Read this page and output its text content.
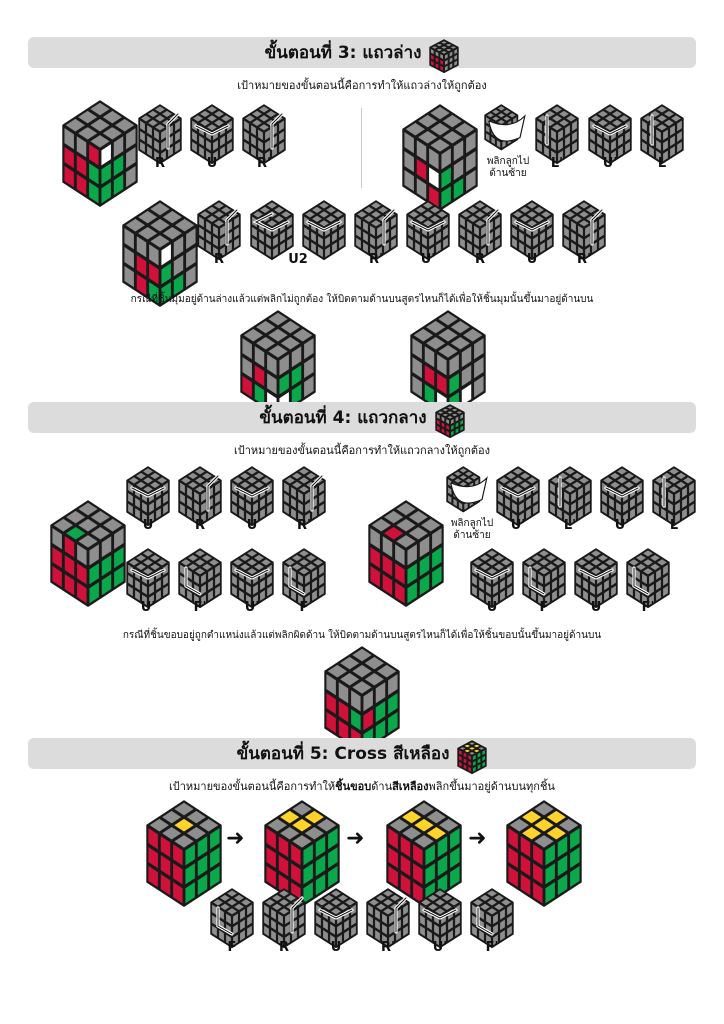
ขั้นตอนที่ 3: แถวล่าง
เป้าหมายของขั้นตอนนี้คือการทำให้แถวล่างให้ถูกต้อง
R	U	R'	พลิกลูกไป
ด้านซ้าย
L'	U'	L
R	U2	R'	U'	R	U	R'
กรณีที่ชิ้นมุมอยู่ด้านล่างแล้วแต่พลิกไม่ถูกต้อง ให้บิดตามด้านบนสูตรไหนก็ได้เพื่อให้ชิ้นมุมนั้นขึ้นมาอยู่ด้านบน
ขั้นตอนที่ 4: แถวกลาง
เป้าหมายของขั้นตอนนี้คือการทำให้แถวกลางให้ถูกต้อง
U	R	U	R'
U'	F'	U'	F
พลิกลูกไป
ด้านซ้าย
U'	L'	U'	L
U	F	U	F'
กรณีที่ชิ้นขอบอยู่ถูกตำแหน่งแล้วแต่พลิกผิดด้าน ให้บิดตามด้านบนสูตรไหนก็ได้เพื่อให้ชิ้นขอบนั้นขึ้นมาอยู่ด้านบน
ขั้นตอนที่ 5: Cross สีเหลือง
เป้าหมายของขั้นตอนนี้คือการทำให้ชิ้นขอบด้านสีเหลืองพลิกขึ้นมาอยู่ด้านบนทุกชิ้น
➜	➜	➜
F	R	U	R'	U'	F'
